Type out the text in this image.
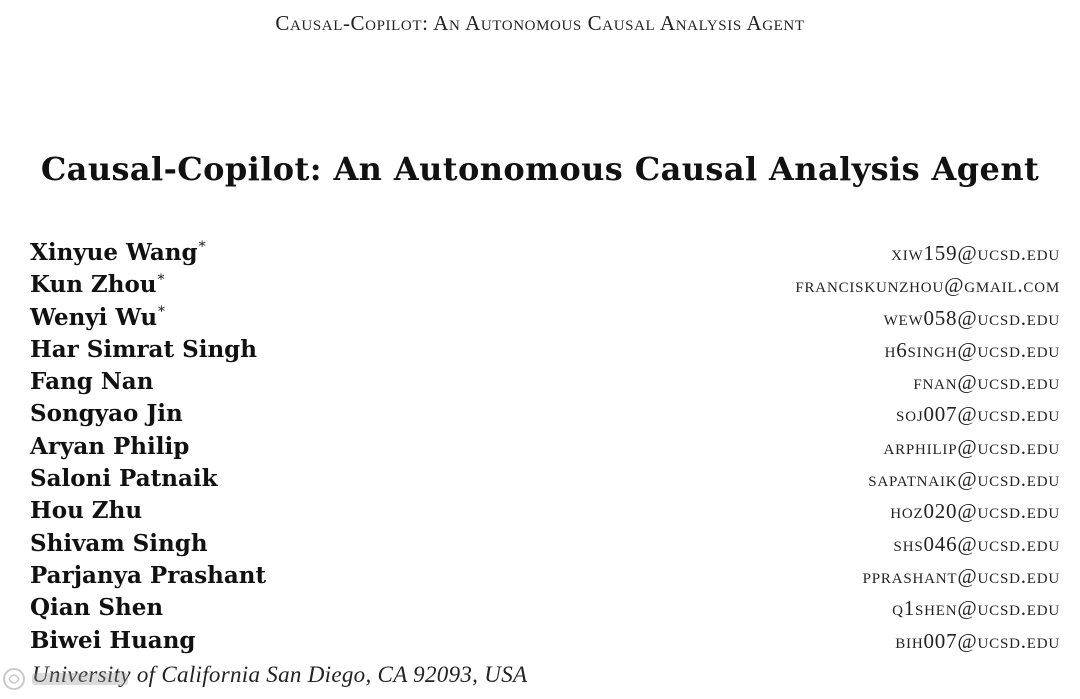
Causal-Copilot: An Autonomous Causal Analysis Agent
Causal-Copilot: An Autonomous Causal Analysis Agent
Xinyue Wang*	xiw159@ucsd.edu
Kun Zhou*	franciskunzhou@gmail.com
Wenyi Wu*	wew058@ucsd.edu
Har Simrat Singh	h6singh@ucsd.edu
Fang Nan	fnan@ucsd.edu
Songyao Jin	soj007@ucsd.edu
Aryan Philip	arphilip@ucsd.edu
Saloni Patnaik	sapatnaik@ucsd.edu
Hou Zhu	hoz020@ucsd.edu
Shivam Singh	shs046@ucsd.edu
Parjanya Prashant	pprashant@ucsd.edu
Qian Shen	q1shen@ucsd.edu
Biwei Huang	bih007@ucsd.edu
University of California San Diego, CA 92093, USA
